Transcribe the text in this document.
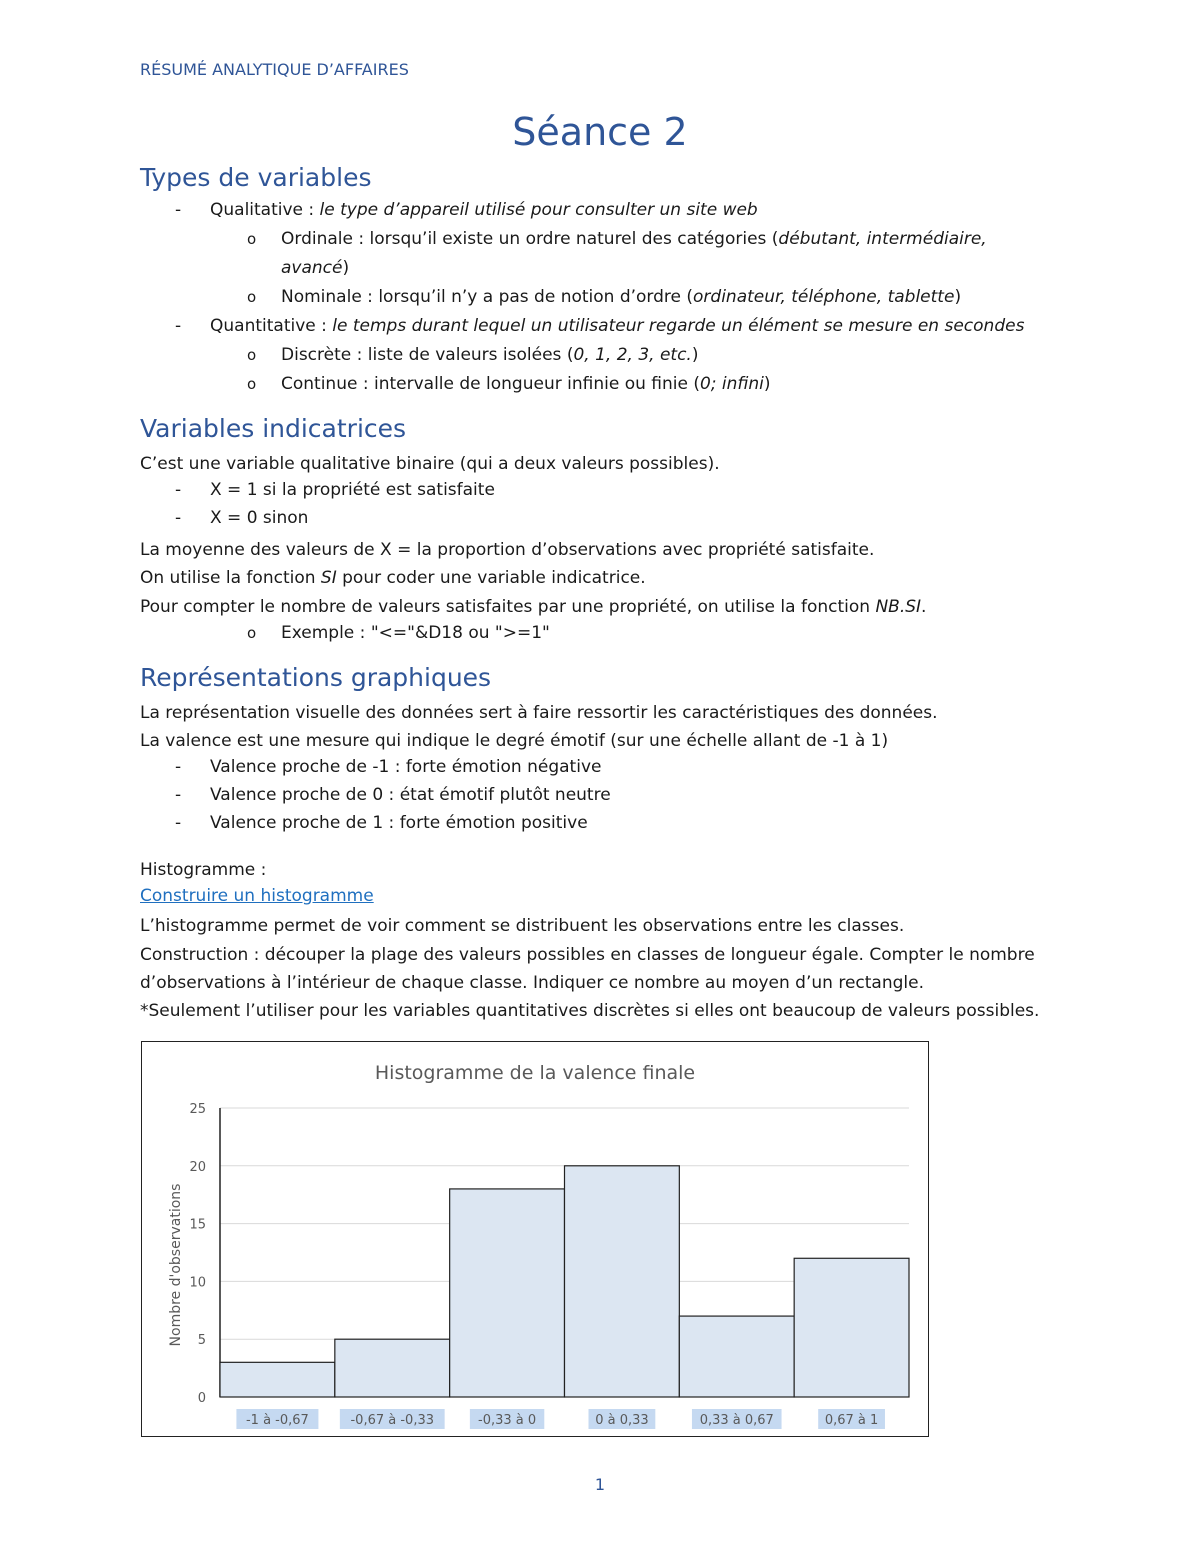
RÉSUMÉ ANALYTIQUE D’AFFAIRES
Séance 2
Types de variables
- Qualitative : le type d’appareil utilisé pour consulter un site web
o Ordinale : lorsqu’il existe un ordre naturel des catégories (débutant, intermédiaire,
avancé)
o Nominale : lorsqu’il n’y a pas de notion d’ordre (ordinateur, téléphone, tablette)
- Quantitative : le temps durant lequel un utilisateur regarde un élément se mesure en secondes
o Discrète : liste de valeurs isolées (0, 1, 2, 3, etc.)
o Continue : intervalle de longueur infinie ou finie (0; infini)
Variables indicatrices
C’est une variable qualitative binaire (qui a deux valeurs possibles).
- X = 1 si la propriété est satisfaite
- X = 0 sinon
La moyenne des valeurs de X = la proportion d’observations avec propriété satisfaite.
On utilise la fonction SI pour coder une variable indicatrice.
Pour compter le nombre de valeurs satisfaites par une propriété, on utilise la fonction NB.SI.
o Exemple : "<="&D18 ou ">=1"
Représentations graphiques
La représentation visuelle des données sert à faire ressortir les caractéristiques des données.
La valence est une mesure qui indique le degré émotif (sur une échelle allant de -1 à 1)
- Valence proche de -1 : forte émotion négative
- Valence proche de 0 : état émotif plutôt neutre
- Valence proche de 1 : forte émotion positive
Histogramme :
Construire un histogramme
L’histogramme permet de voir comment se distribuent les observations entre les classes.
Construction : découper la plage des valeurs possibles en classes de longueur égale. Compter le nombre
d’observations à l’intérieur de chaque classe. Indiquer ce nombre au moyen d’un rectangle.
*Seulement l’utiliser pour les variables quantitatives discrètes si elles ont beaucoup de valeurs possibles.
Histogramme de la valence finale
Nombre d'observations
0
5
10
15
20
25
-1 à -0,67	-0,67 à -0,33	-0,33 à 0	0 à 0,33	0,33 à 0,67	0,67 à 1
1
